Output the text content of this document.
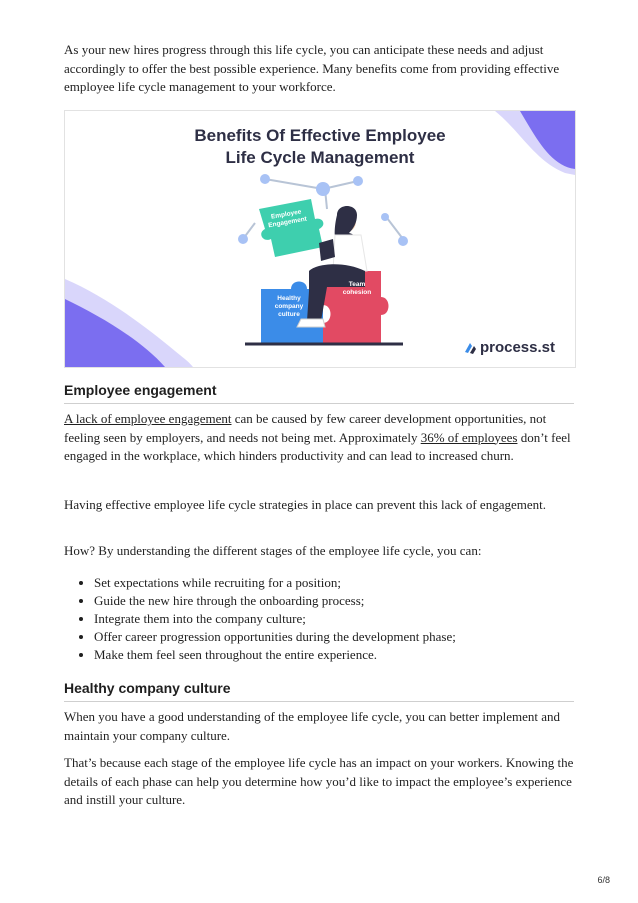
As your new hires progress through this life cycle, you can anticipate these needs and adjust accordingly to offer the best possible experience. Many benefits come from providing effective employee life cycle management to your workforce.

Benefits Of Effective Employee
Life Cycle Management
Employee
Engagement
Healthy
company
culture
Team
cohesion
process.st
Employee engagement

A lack of employee engagement can be caused by few career development opportunities, not feeling seen by employers, and needs not being met. Approximately 36% of employees don’t feel engaged in the workplace, which hinders productivity and can lead to increased churn.

Having effective employee life cycle strategies in place can prevent this lack of engagement.

How? By understanding the different stages of the employee life cycle, you can:

• Set expectations while recruiting for a position;
• Guide the new hire through the onboarding process;
• Integrate them into the company culture;
• Offer career progression opportunities during the development phase;
• Make them feel seen throughout the entire experience.
Healthy company culture

When you have a good understanding of the employee life cycle, you can better implement and maintain your company culture.

That’s because each stage of the employee life cycle has an impact on your workers. Knowing the details of each phase can help you determine how you’d like to impact the employee’s experience and instill your culture.

6/8
